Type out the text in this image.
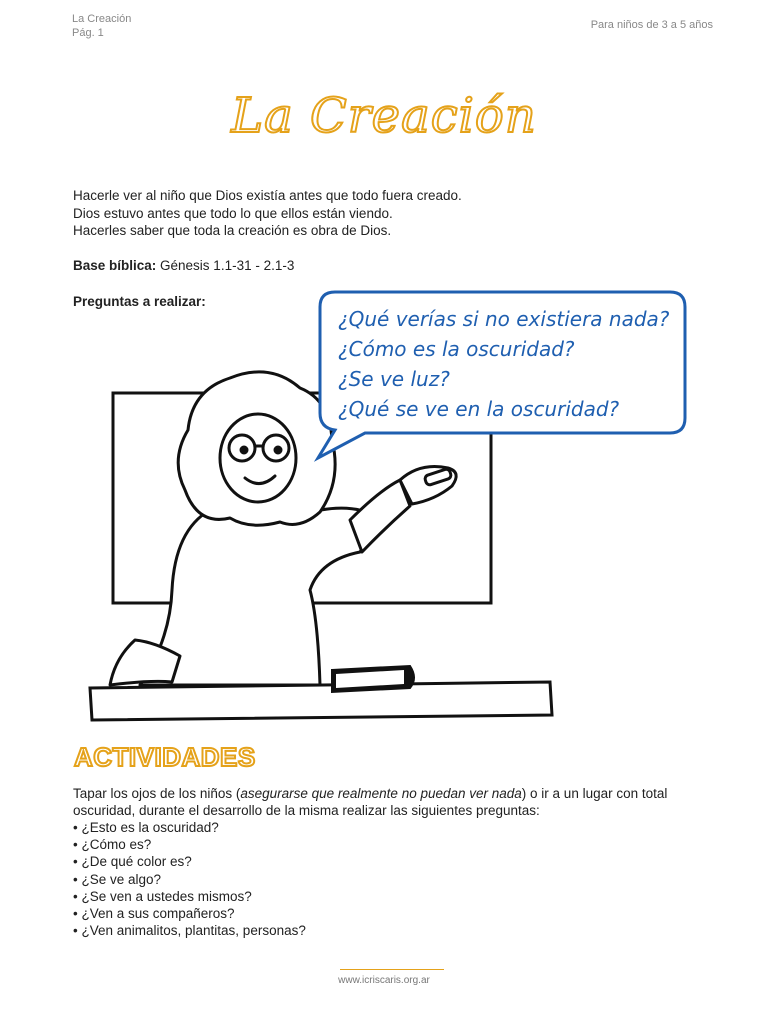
La Creación
Pág. 1
Para niños de 3 a 5 años
La Creación
Hacerle ver al niño que Dios existía antes que todo fuera creado.
Dios estuvo antes que todo lo que ellos están viendo.
Hacerles saber que toda la creación es obra de Dios.
Base bíblica: Génesis 1.1-31 - 2.1-3
Preguntas a realizar:
¿Qué verías si no existiera nada?
¿Cómo es la oscuridad?
¿Se ve luz?
¿Qué se ve en la oscuridad?
ACTIVIDADES
Tapar los ojos de los niños (asegurarse que realmente no puedan ver nada) o ir a un lugar con total oscuridad, durante el desarrollo de la misma realizar las siguientes preguntas:
• ¿Esto es la oscuridad?
• ¿Cómo es?
• ¿De qué color es?
• ¿Se ve algo?
• ¿Se ven a ustedes mismos?
• ¿Ven a sus compañeros?
• ¿Ven animalitos, plantitas, personas?
www.icriscaris.org.ar
